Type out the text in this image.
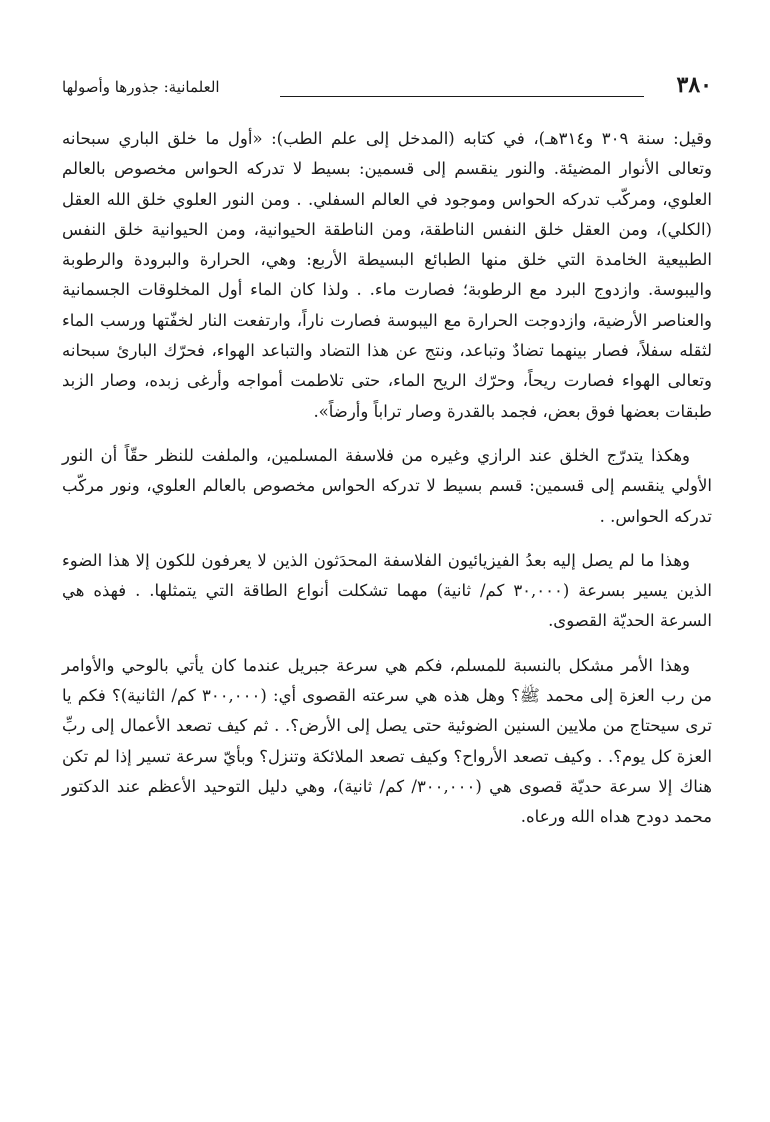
٣٨٠
العلمانية: جذورها وأصولها

وقيل: سنة ٣٠٩ و٣١٤هـ)، في كتابه (المدخل إلى علم الطب): «أول ما خلق الباري سبحانه وتعالى الأنوار المضيئة. والنور ينقسم إلى قسمين: بسيط لا تدركه الحواس مخصوص بالعالم العلوي، ومركّب تدركه الحواس وموجود في العالم السفلي. . ومن النور العلوي خلق الله العقل (الكلي)، ومن العقل خلق النفس الناطقة، ومن الناطقة الحيوانية، ومن الحيوانية خلق النفس الطبيعية الخامدة التي خلق منها الطبائع البسيطة الأربع: وهي، الحرارة والبرودة والرطوبة واليبوسة. وازدوج البرد مع الرطوبة؛ فصارت ماء. . ولذا كان الماء أول المخلوقات الجسمانية والعناصر الأرضية، وازدوجت الحرارة مع اليبوسة فصارت ناراً، وارتفعت النار لخفّتها ورسب الماء لثقله سفلاً، فصار بينهما تضادٌ وتباعد، ونتج عن هذا التضاد والتباعد الهواء، فحرّك البارئ سبحانه وتعالى الهواء فصارت ريحاً، وحرّك الريح الماء، حتى تلاطمت أمواجه وأرغى زبده، وصار الزبد طبقات بعضها فوق بعض، فجمد بالقدرة وصار تراباً وأرضاً».

وهكذا يتدرّج الخلق عند الرازي وغيره من فلاسفة المسلمين، والملفت للنظر حقّاً أن النور الأولي ينقسم إلى قسمين: قسم بسيط لا تدركه الحواس مخصوص بالعالم العلوي، ونور مركّب تدركه الحواس. .

وهذا ما لم يصل إليه بعدُ الفيزيائيون الفلاسفة المحدَثون الذين لا يعرفون للكون إلا هذا الضوء الذين يسير بسرعة (٣٠,٠٠٠ كم/ ثانية) مهما تشكلت أنواع الطاقة التي يتمثلها. . فهذه هي السرعة الحديّة القصوى.

وهذا الأمر مشكل بالنسبة للمسلم، فكم هي سرعة جبريل عندما كان يأتي بالوحي والأوامر من رب العزة إلى محمد ﷺ؟ وهل هذه هي سرعته القصوى أي: (٣٠٠,٠٠٠ كم/ الثانية)؟ فكم يا ترى سيحتاج من ملايين السنين الضوئية حتى يصل إلى الأرض؟. . ثم كيف تصعد الأعمال إلى ربِّ العزة كل يوم؟. . وكيف تصعد الأرواح؟ وكيف تصعد الملائكة وتنزل؟ وبأيّ سرعة تسير إذا لم تكن هناك إلا سرعة حديّة قصوى هي (٣٠٠,٠٠٠/ كم/ ثانية)، وهي دليل التوحيد الأعظم عند الدكتور محمد دودح هداه الله ورعاه.
